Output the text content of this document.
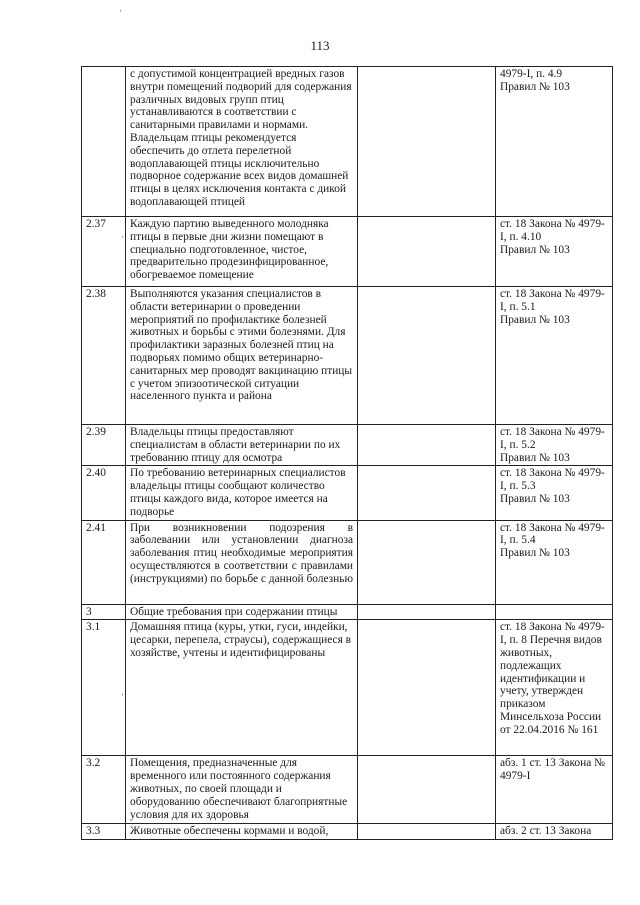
113
ˈ
ˈ
ˈ
ˈ
	с допустимой концентрацией вредных газов внутри помещений подворий для содержания различных видовых групп птиц устанавливаются в соответствии с санитарными правилами и нормами. Владельцам птицы рекомендуется обеспечить до отлета перелетной водоплавающей птицы исключительно подворное содержание всех видов домашней птицы в целях исключения контакта с дикой водоплавающей птицей		4979-I, п. 4.9
Правил № 103
2.37	Каждую партию выведенного молодняка птицы в первые дни жизни помещают в специально подготовленное, чистое, предварительно продезинфицированное, обогреваемое помещение		ст. 18 Закона № 4979-I, п. 4.10
Правил № 103
2.38	Выполняются указания специалистов в области ветеринарии о проведении мероприятий по профилактике болезней животных и борьбы с этими болезнями. Для профилактики заразных болезней птиц на подворьях помимо общих ветеринарно-санитарных мер проводят вакцинацию птицы с учетом эпизоотической ситуации населенного пункта и района		ст. 18 Закона № 4979-I, п. 5.1
Правил № 103
2.39	Владельцы птицы предоставляют специалистам в области ветеринарии по их требованию птицу для осмотра		ст. 18 Закона № 4979-I, п. 5.2
Правил № 103
2.40	По требованию ветеринарных специалистов владельцы птицы сообщают количество птицы каждого вида, которое имеется на подворье		ст. 18 Закона № 4979-I, п. 5.3
Правил № 103
2.41	При возникновении подозрения в заболевании или установлении диагноза заболевания птиц необходимые мероприятия осуществляются в соответствии с правилами (инструкциями) по борьбе с данной болезнью		ст. 18 Закона № 4979-I, п. 5.4
Правил № 103
3	Общие требования при содержании птицы		
3.1	Домашняя птица (куры, утки, гуси, индейки, цесарки, перепела, страусы), содержащиеся в хозяйстве, учтены и идентифицированы		ст. 18 Закона № 4979-I, п. 8 Перечня видов животных, подлежащих идентификации и учету, утвержден приказом Минсельхоза России от 22.04.2016 № 161
3.2	Помещения, предназначенные для временного или постоянного содержания животных, по своей площади и оборудованию обеспечивают благоприятные условия для их здоровья		абз. 1 ст. 13 Закона № 4979-I
3.3	Животные обеспечены кормами и водой,		абз. 2 ст. 13 Закона
